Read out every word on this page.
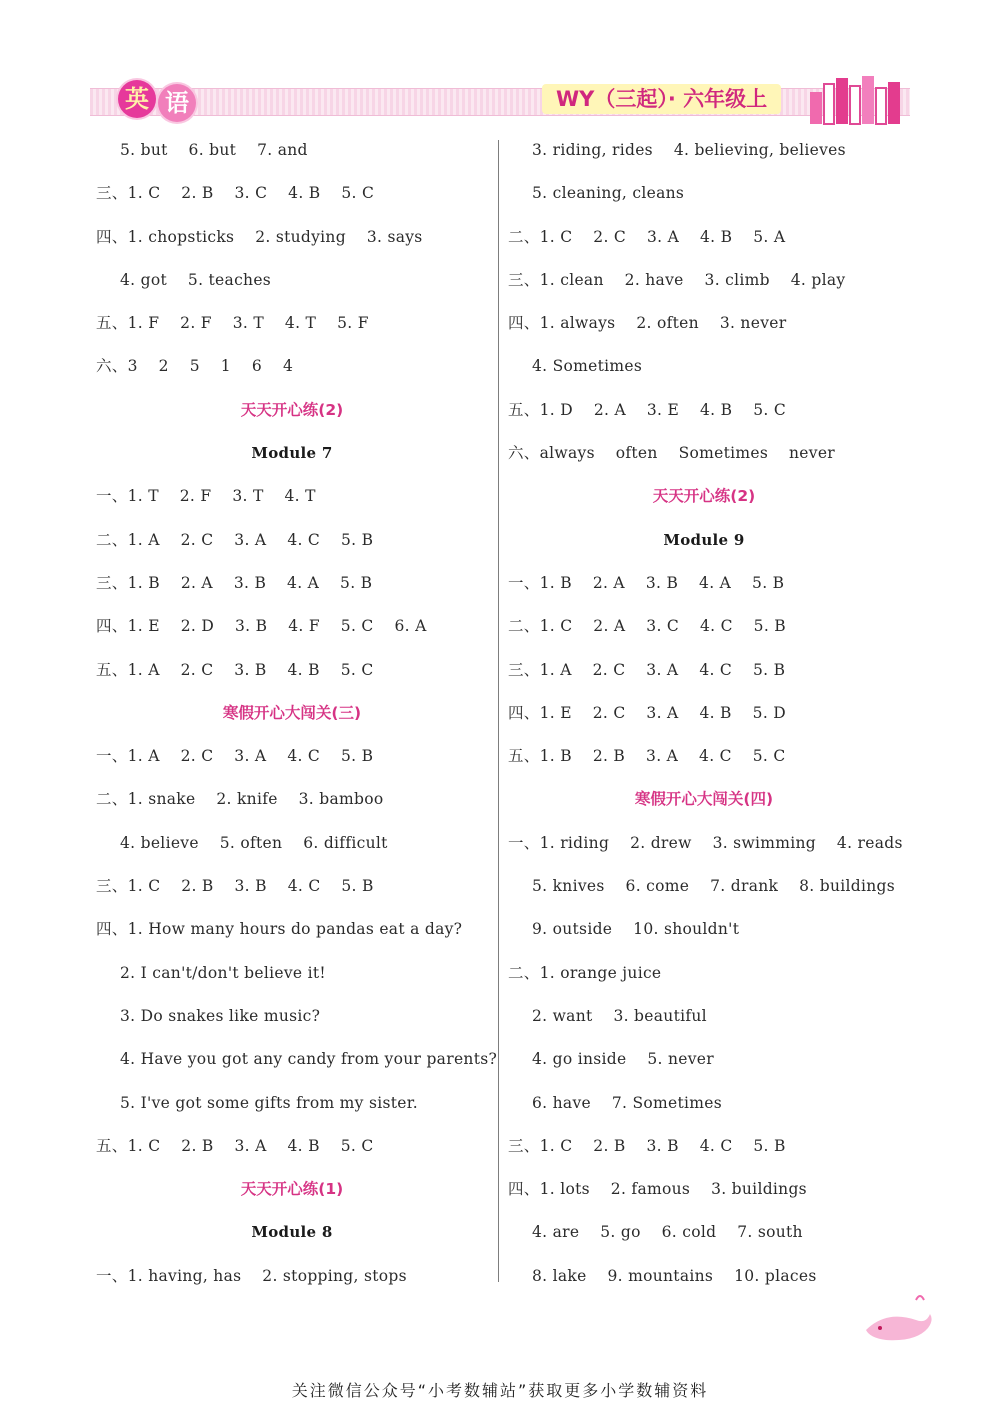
英 语	WY（三起）· 六年级上
5. but    6. but    7. and
三、1. C    2. B    3. C    4. B    5. C
四、1. chopsticks    2. studying    3. says
4. got    5. teaches
五、1. F    2. F    3. T    4. T    5. F
六、3    2    5    1    6    4
天天开心练(2)
Module 7
一、1. T    2. F    3. T    4. T
二、1. A    2. C    3. A    4. C    5. B
三、1. B    2. A    3. B    4. A    5. B
四、1. E    2. D    3. B    4. F    5. C    6. A
五、1. A    2. C    3. B    4. B    5. C
寒假开心大闯关(三)
一、1. A    2. C    3. A    4. C    5. B
二、1. snake    2. knife    3. bamboo
4. believe    5. often    6. difficult
三、1. C    2. B    3. B    4. C    5. B
四、1. How many hours do pandas eat a day?
2. I can't/don't believe it!
3. Do snakes like music?
4. Have you got any candy from your parents?
5. I've got some gifts from my sister.
五、1. C    2. B    3. A    4. B    5. C
天天开心练(1)
Module 8
一、1. having, has    2. stopping, stops
3. riding, rides    4. believing, believes
5. cleaning, cleans
二、1. C    2. C    3. A    4. B    5. A
三、1. clean    2. have    3. climb    4. play
四、1. always    2. often    3. never
4. Sometimes
五、1. D    2. A    3. E    4. B    5. C
六、always    often    Sometimes    never
天天开心练(2)
Module 9
一、1. B    2. A    3. B    4. A    5. B
二、1. C    2. A    3. C    4. C    5. B
三、1. A    2. C    3. A    4. C    5. B
四、1. E    2. C    3. A    4. B    5. D
五、1. B    2. B    3. A    4. C    5. C
寒假开心大闯关(四)
一、1. riding    2. drew    3. swimming    4. reads
5. knives    6. come    7. drank    8. buildings
9. outside    10. shouldn't
二、1. orange juice
2. want    3. beautiful
4. go inside    5. never
6. have    7. Sometimes
三、1. C    2. B    3. B    4. C    5. B
四、1. lots    2. famous    3. buildings
4. are    5. go    6. cold    7. south
8. lake    9. mountains    10. places
关注微信公众号“小考数辅站”获取更多小学数辅资料
